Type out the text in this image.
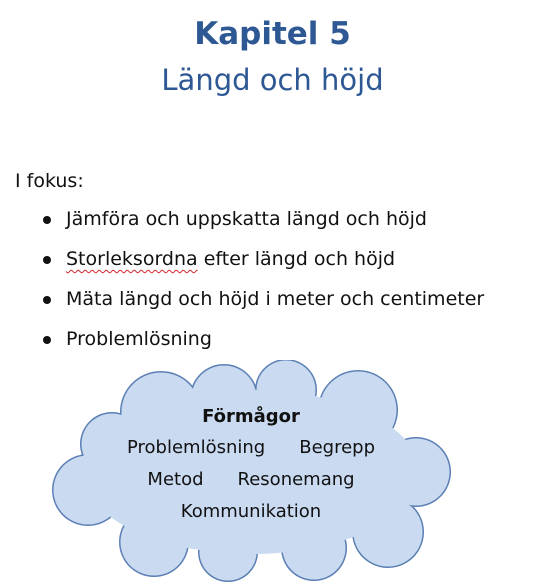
Kapitel 5
Längd och höjd
I fokus:
Jämföra och uppskatta längd och höjd
Storleksordna efter längd och höjd
Mäta längd och höjd i meter och centimeter
Problemlösning
Förmågor
Problemlösning Begrepp
Metod Resonemang
Kommunikation
